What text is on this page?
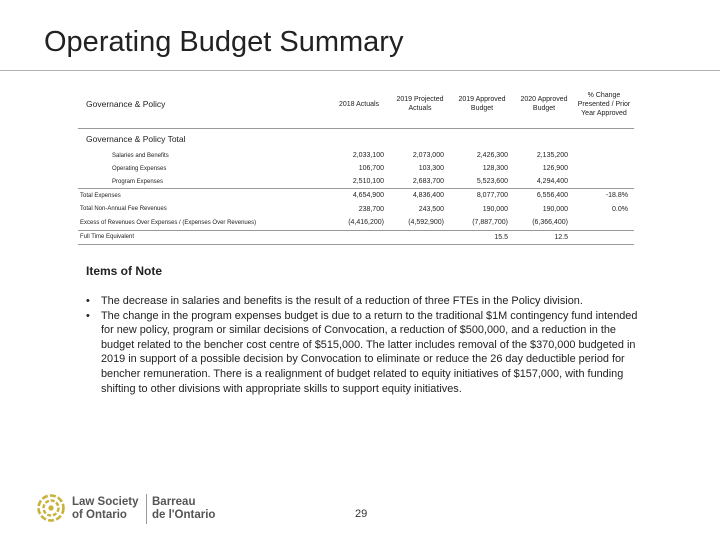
Operating Budget Summary
Governance & Policy	2018 Actuals	2019 Projected Actuals	2019 Approved Budget	2020 Approved Budget	% Change Presented / Prior Year Approved
Governance & Policy Total					
Salaries and Benefits	2,033,100	2,073,000	2,426,300	2,135,200	
Operating Expenses	106,700	103,300	128,300	126,900	
Program Expenses	2,510,100	2,683,700	5,523,600	4,294,400	
Total Expenses	4,654,900	4,836,400	8,077,700	6,556,400	-18.8%
Total Non-Annual Fee Revenues	238,700	243,500	190,000	190,000	0.0%
Excess of Revenues Over Expenses / (Expenses Over Revenues)	(4,416,200)	(4,592,900)	(7,887,700)	(6,366,400)	
Full Time Equivalent			15.5	12.5	
Items of Note
• The decrease in salaries and benefits is the result of a reduction of three FTEs in the Policy division.
• The change in the program expenses budget is due to a return to the traditional $1M contingency fund intended for new policy, program or similar decisions of Convocation, a reduction of $500,000, and a reduction in the budget related to the bencher cost centre of $515,000. The latter includes removal of the $370,000 budgeted in 2019 in support of a possible decision by Convocation to eliminate or reduce the 26 day deductible period for bencher remuneration. There is a realignment of budget related to equity initiatives of $157,000, with funding shifting to other divisions with appropriate skills to support equity initiatives.
Law Society
of Ontario
Barreau
de l'Ontario	29
